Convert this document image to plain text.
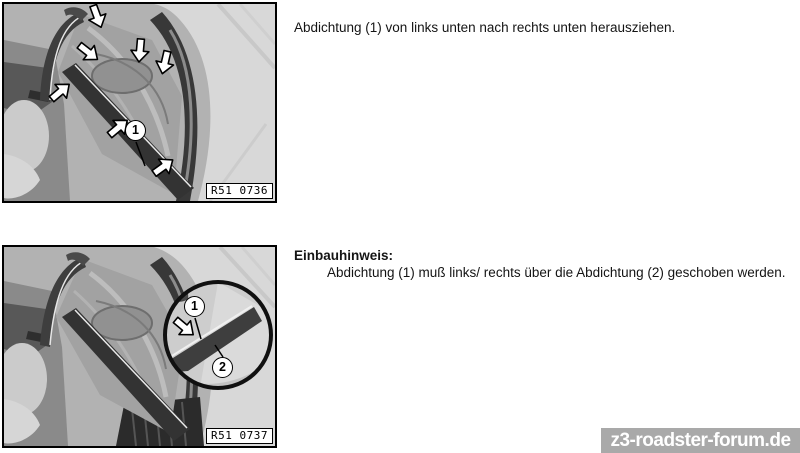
1
R51 0736

Abdichtung (1) von links unten nach rechts unten herausziehen.

1
2
R51 0737
Einbauhinweis:
Abdichtung (1) muß links/ rechts über die Abdichtung (2) geschoben werden.
z3-roadster-forum.de
